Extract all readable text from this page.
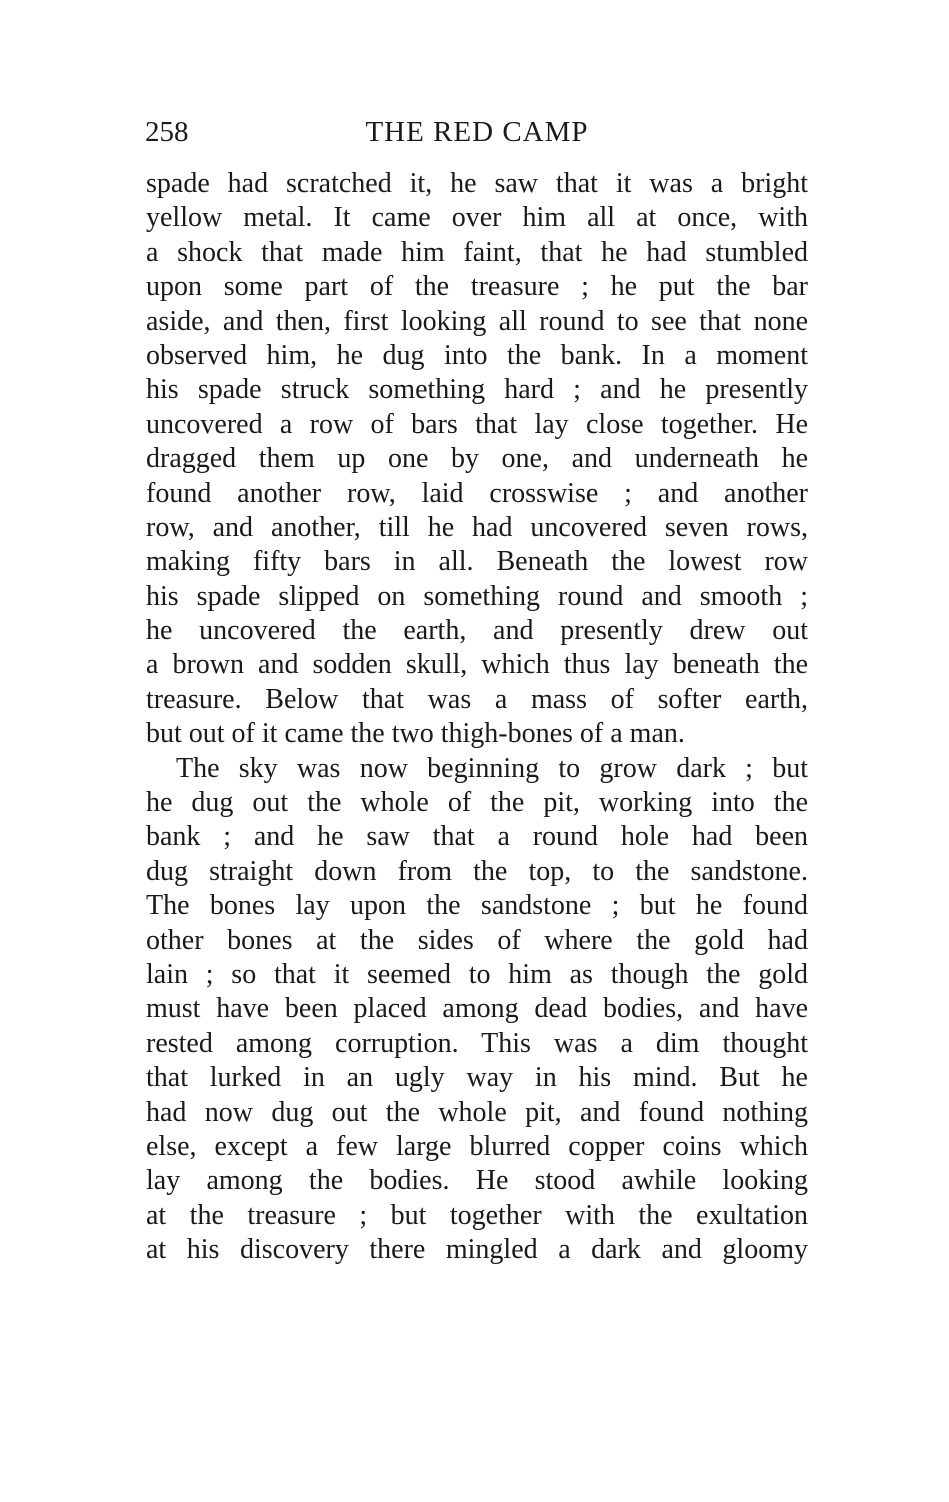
258	THE RED CAMP
spade had scratched it, he saw that it was a bright
yellow metal. It came over him all at once, with
a shock that made him faint, that he had stumbled
upon some part of the treasure ; he put the bar
aside, and then, first looking all round to see that none
observed him, he dug into the bank. In a moment
his spade struck something hard ; and he presently
uncovered a row of bars that lay close together. He
dragged them up one by one, and underneath he
found another row, laid crosswise ; and another
row, and another, till he had uncovered seven rows,
making fifty bars in all. Beneath the lowest row
his spade slipped on something round and smooth ;
he uncovered the earth, and presently drew out
a brown and sodden skull, which thus lay beneath the
treasure. Below that was a mass of softer earth,
but out of it came the two thigh-bones of a man.
The sky was now beginning to grow dark ; but
he dug out the whole of the pit, working into the
bank ; and he saw that a round hole had been
dug straight down from the top, to the sandstone.
The bones lay upon the sandstone ; but he found
other bones at the sides of where the gold had
lain ; so that it seemed to him as though the gold
must have been placed among dead bodies, and have
rested among corruption. This was a dim thought
that lurked in an ugly way in his mind. But he
had now dug out the whole pit, and found nothing
else, except a few large blurred copper coins which
lay among the bodies. He stood awhile looking
at the treasure ; but together with the exultation
at his discovery there mingled a dark and gloomy
